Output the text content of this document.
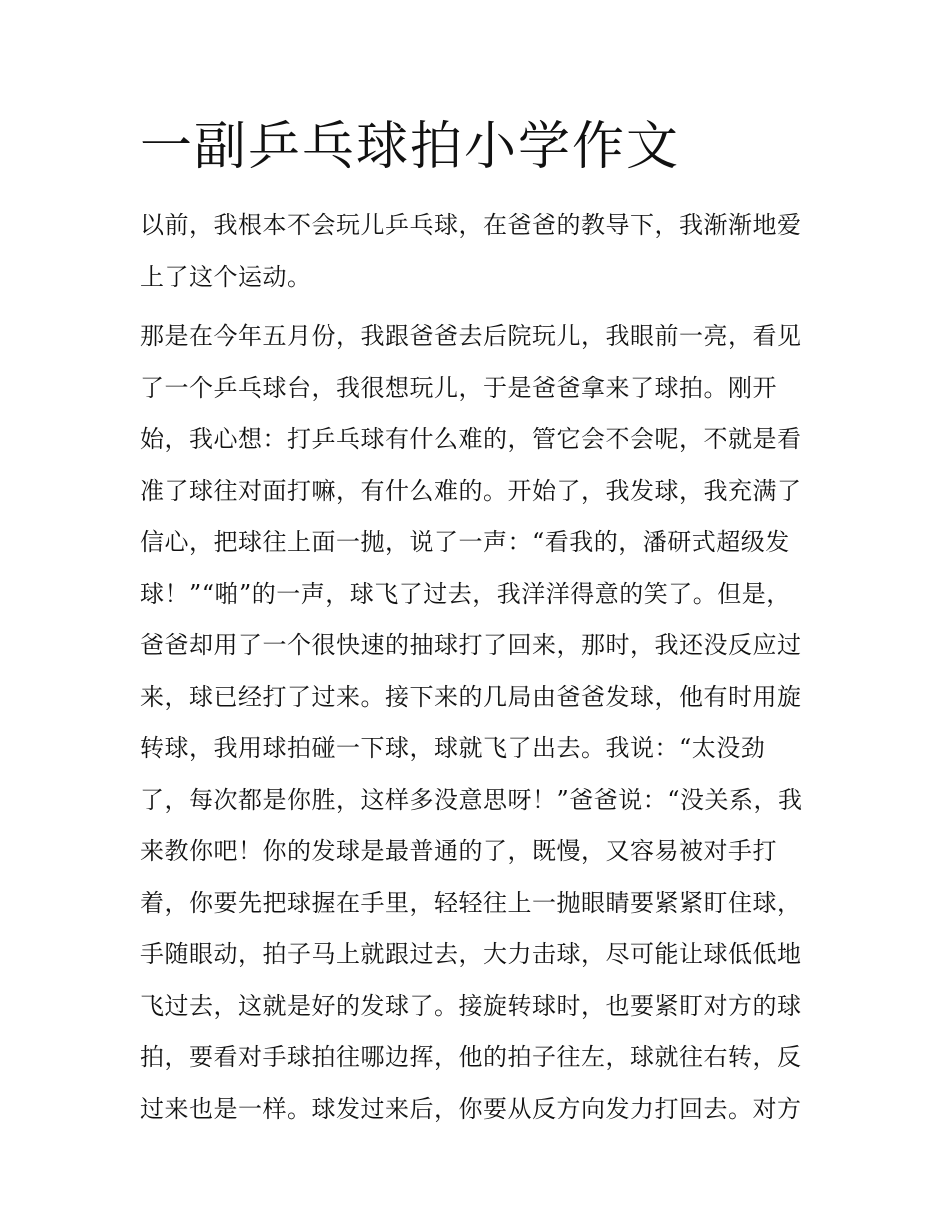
一副乒乓球拍小学作文
以前，我根本不会玩儿乒乓球，在爸爸的教导下，我渐渐地爱
上了这个运动。
那是在今年五月份，我跟爸爸去后院玩儿，我眼前一亮，看见
了一个乒乓球台，我很想玩儿，于是爸爸拿来了球拍。刚开
始，我心想：打乒乓球有什么难的，管它会不会呢，不就是看
准了球往对面打嘛，有什么难的。开始了，我发球，我充满了
信心，把球往上面一抛，说了一声：“看我的，潘研式超级发
球！”“啪”的一声，球飞了过去，我洋洋得意的笑了。但是，
爸爸却用了一个很快速的抽球打了回来，那时，我还没反应过
来，球已经打了过来。接下来的几局由爸爸发球，他有时用旋
转球，我用球拍碰一下球，球就飞了出去。我说：“太没劲
了，每次都是你胜，这样多没意思呀！”爸爸说：“没关系，我
来教你吧！你的发球是最普通的了，既慢，又容易被对手打
着，你要先把球握在手里，轻轻往上一抛眼睛要紧紧盯住球，
手随眼动，拍子马上就跟过去，大力击球，尽可能让球低低地
飞过去，这就是好的发球了。接旋转球时，也要紧盯对方的球
拍，要看对手球拍往哪边挥，他的拍子往左，球就往右转，反
过来也是一样。球发过来后，你要从反方向发力打回去。对方
